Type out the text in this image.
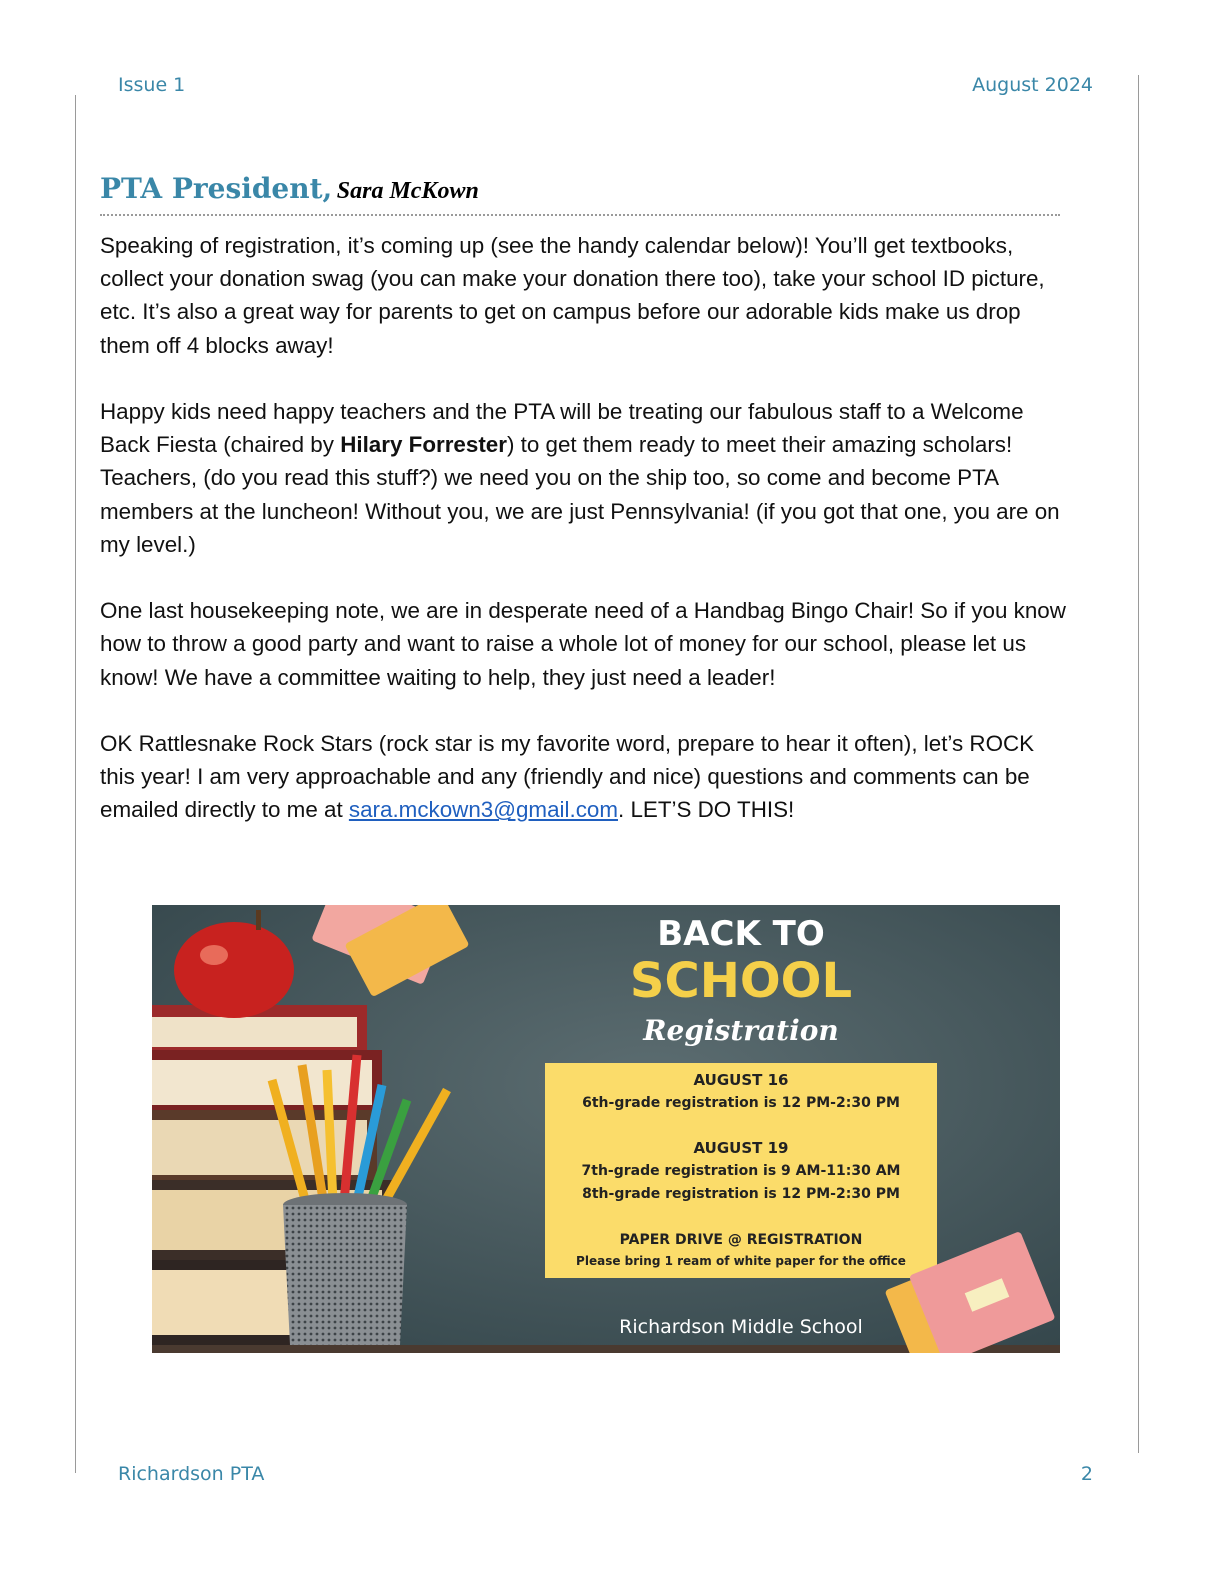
Issue 1	August 2024
PTA President, Sara McKown

Speaking of registration, it’s coming up (see the handy calendar below)! You’ll get textbooks, collect your donation swag (you can make your donation there too), take your school ID picture, etc. It’s also a great way for parents to get on campus before our adorable kids make us drop them off 4 blocks away!

Happy kids need happy teachers and the PTA will be treating our fabulous staff to a Welcome Back Fiesta (chaired by Hilary Forrester) to get them ready to meet their amazing scholars! Teachers, (do you read this stuff?) we need you on the ship too, so come and become PTA members at the luncheon! Without you, we are just Pennsylvania! (if you got that one, you are on my level.)

One last housekeeping note, we are in desperate need of a Handbag Bingo Chair! So if you know how to throw a good party and want to raise a whole lot of money for our school, please let us know! We have a committee waiting to help, they just need a leader!

OK Rattlesnake Rock Stars (rock star is my favorite word, prepare to hear it often), let’s ROCK this year! I am very approachable and any (friendly and nice) questions and comments can be emailed directly to me at sara.mckown3@gmail.com. LET’S DO THIS!

BACK TO
SCHOOL
Registration
AUGUST 16
6th-grade registration is 12 PM-2:30 PM
AUGUST 19
7th-grade registration is 9 AM-11:30 AM
8th-grade registration is 12 PM-2:30 PM
PAPER DRIVE @ REGISTRATION
Please bring 1 ream of white paper for the office
Richardson Middle School
Richardson PTA	2
